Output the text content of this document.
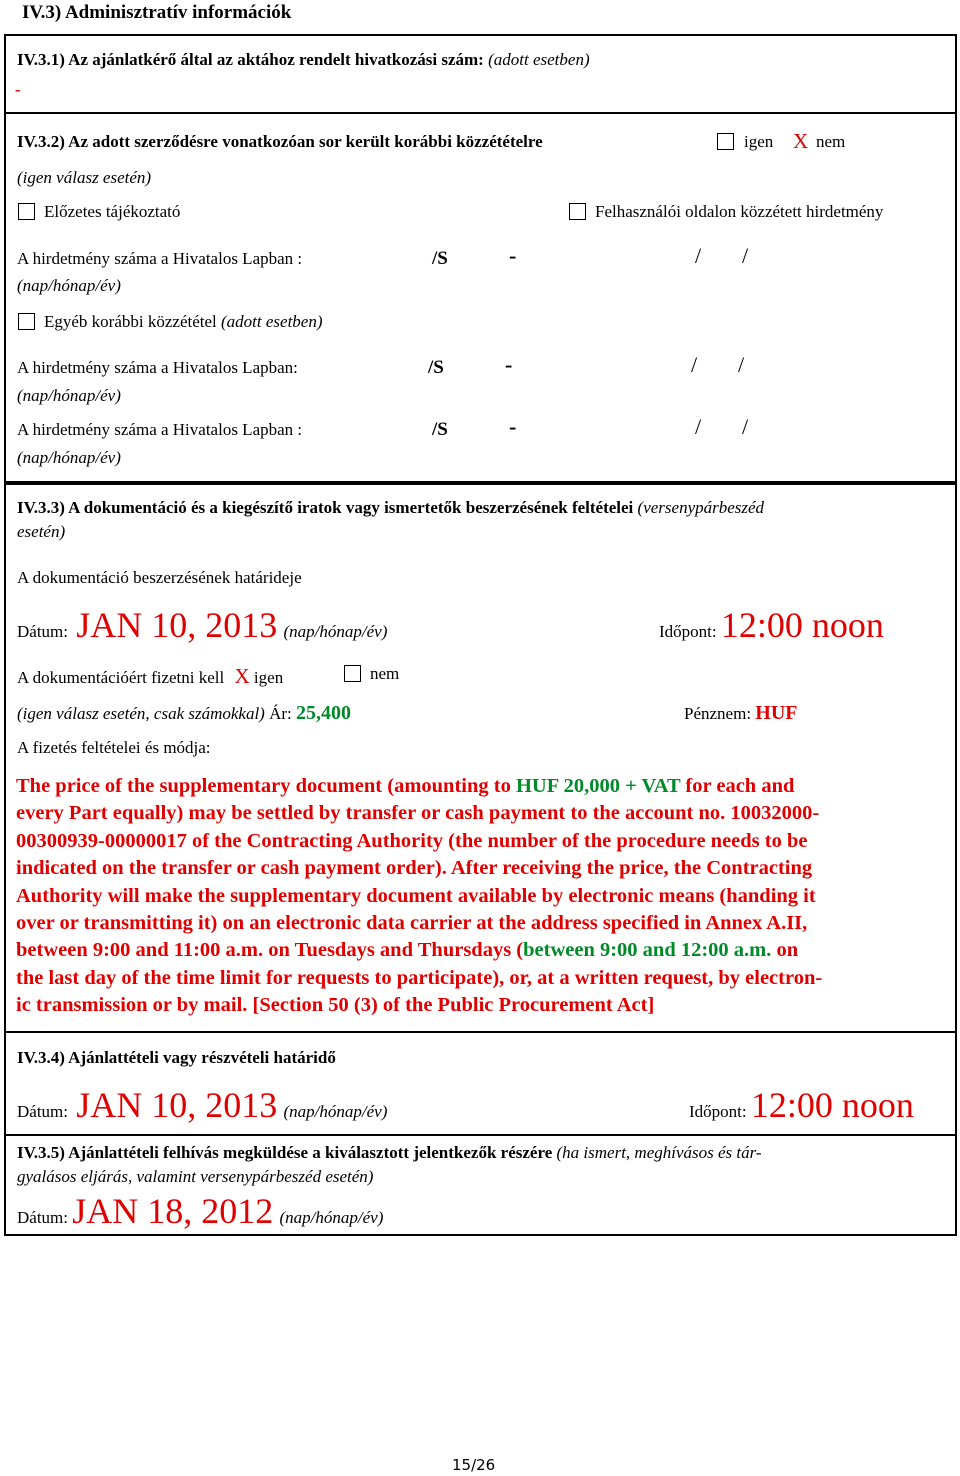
IV.3) Adminisztratív információk
IV.3.1) Az ajánlatkérő által az aktához rendelt hivatkozási szám: (adott esetben)
-
IV.3.2) Az adott szerződésre vonatkozóan sor került korábbi közzétételre	igen X nem
(igen válasz esetén)
Előzetes tájékoztató	Felhasználói oldalon közzétett hirdetmény
A hirdetmény száma a Hivatalos Lapban :	/S	-	/ /
(nap/hónap/év)
Egyéb korábbi közzététel (adott esetben)
A hirdetmény száma a Hivatalos Lapban:	/S	-	/ /
(nap/hónap/év)
A hirdetmény száma a Hivatalos Lapban :	/S	-	/ /
(nap/hónap/év)
IV.3.3) A dokumentáció és a kiegészítő iratok vagy ismertetők beszerzésének feltételei (versenypárbeszéd
esetén)
A dokumentáció beszerzésének határideje
Dátum: JAN 10, 2013 (nap/hónap/év)	Időpont: 12:00 noon
A dokumentációért fizetni kell X igen	nem
(igen válasz esetén, csak számokkal) Ár: 25,400	Pénznem: HUF
A fizetés feltételei és módja:
The price of the supplementary document (amounting to HUF 20,000 + VAT for each and
every Part equally) may be settled by transfer or cash payment to the account no. 10032000-
00300939-00000017 of the Contracting Authority (the number of the procedure needs to be
indicated on the transfer or cash payment order). After receiving the price, the Contracting
Authority will make the supplementary document available by electronic means (handing it
over or transmitting it) on an electronic data carrier at the address specified in Annex A.II,
between 9:00 and 11:00 a.m. on Tuesdays and Thursdays (between 9:00 and 12:00 a.m. on
the last day of the time limit for requests to participate), or, at a written request, by electron-
ic transmission or by mail. [Section 50 (3) of the Public Procurement Act]
IV.3.4) Ajánlattételi vagy részvételi határidő
Dátum: JAN 10, 2013 (nap/hónap/év)	Időpont: 12:00 noon
IV.3.5) Ajánlattételi felhívás megküldése a kiválasztott jelentkezők részére (ha ismert, meghívásos és tár-
gyalásos eljárás, valamint versenypárbeszéd esetén)
Dátum: JAN 18, 2012 (nap/hónap/év)
15/26
